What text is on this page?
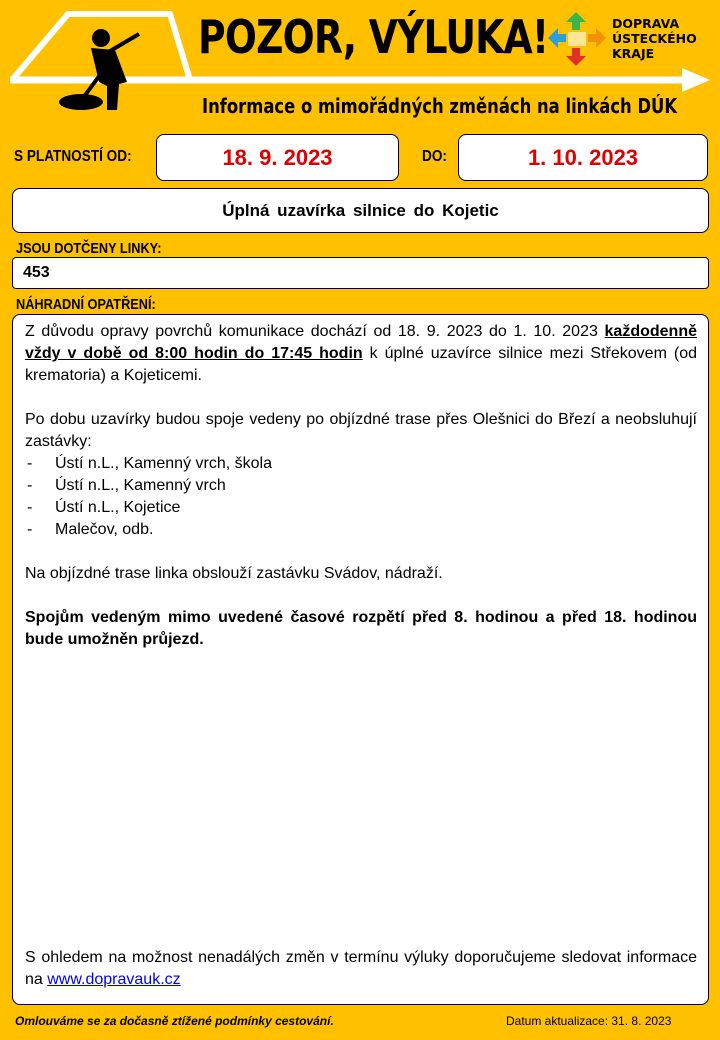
POZOR, VÝLUKA!
Informace o mimořádných změnách na linkách DÚK
DOPRAVA
ÚSTECKÉHO
KRAJE
S PLATNOSTÍ OD:	18. 9. 2023	DO:	1. 10. 2023
Úplná uzavírka silnice do Kojetic
JSOU DOTČENY LINKY:
453
NÁHRADNÍ OPATŘENÍ:

Z důvodu opravy povrchů komunikace dochází od 18. 9. 2023 do 1. 10. 2023 každodenně vždy v době od 8:00 hodin do 17:45 hodin k úplné uzavírce silnice mezi Střekovem (od krematoria) a Kojeticemi.

Po dobu uzavírky budou spoje vedeny po objízdné trase přes Olešnici do Březí a neobsluhují zastávky:

- Ústí n.L., Kamenný vrch, škola
- Ústí n.L., Kamenný vrch
- Ústí n.L., Kojetice
- Malečov, odb.

Na objízdné trase linka obslouží zastávku Svádov, nádraží.

Spojům vedeným mimo uvedené časové rozpětí před 8. hodinou a před 18. hodinou bude umožněn průjezd.

S ohledem na možnost nenadálých změn v termínu výluky doporučujeme sledovat informace na www.dopravauk.cz
Omlouváme se za dočasně ztížené podmínky cestování.	Datum aktualizace: 31. 8. 2023
